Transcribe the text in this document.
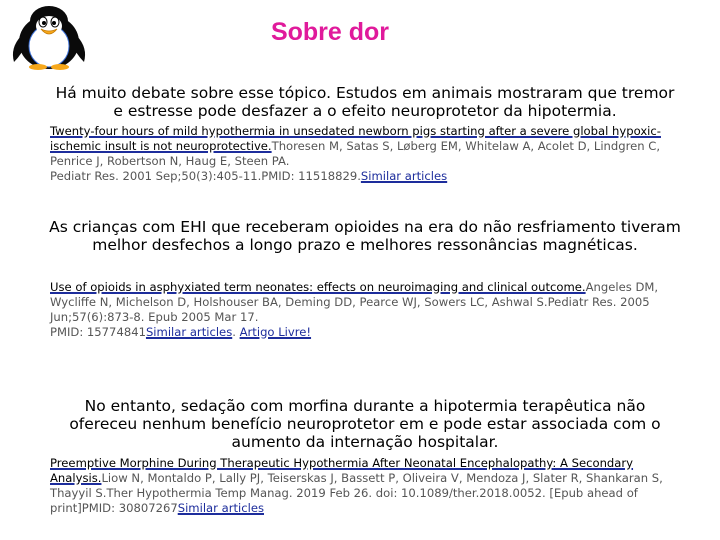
Sobre dor
Há muito debate sobre esse tópico. Estudos em animais mostraram que tremor e estresse pode desfazer a o efeito neuroprotetor da hipotermia.
Twenty-four hours of mild hypothermia in unsedated newborn pigs starting after a severe global hypoxic-ischemic insult is not neuroprotective.Thoresen M, Satas S, Løberg EM, Whitelaw A, Acolet D, Lindgren C, Penrice J, Robertson N, Haug E, Steen PA.
Pediatr Res. 2001 Sep;50(3):405-11.PMID: 11518829.Similar articles
As crianças com EHI que receberam opioides na era do não resfriamento tiveram melhor desfechos a longo prazo e melhores ressonâncias magnéticas.
Use of opioids in asphyxiated term neonates: effects on neuroimaging and clinical outcome.Angeles DM, Wycliffe N, Michelson D, Holshouser BA, Deming DD, Pearce WJ, Sowers LC, Ashwal S.Pediatr Res. 2005 Jun;57(6):873-8. Epub 2005 Mar 17.
PMID: 15774841Similar articles. Artigo Livre!
No entanto, sedação com morfina durante a hipotermia terapêutica não ofereceu nenhum benefício neuroprotetor em e pode estar associada com o aumento da internação hospitalar.
Preemptive Morphine During Therapeutic Hypothermia After Neonatal Encephalopathy: A Secondary Analysis.Liow N, Montaldo P, Lally PJ, Teiserskas J, Bassett P, Oliveira V, Mendoza J, Slater R, Shankaran S, Thayyil S.Ther Hypothermia Temp Manag. 2019 Feb 26. doi: 10.1089/ther.2018.0052. [Epub ahead of print]PMID: 30807267Similar articles
